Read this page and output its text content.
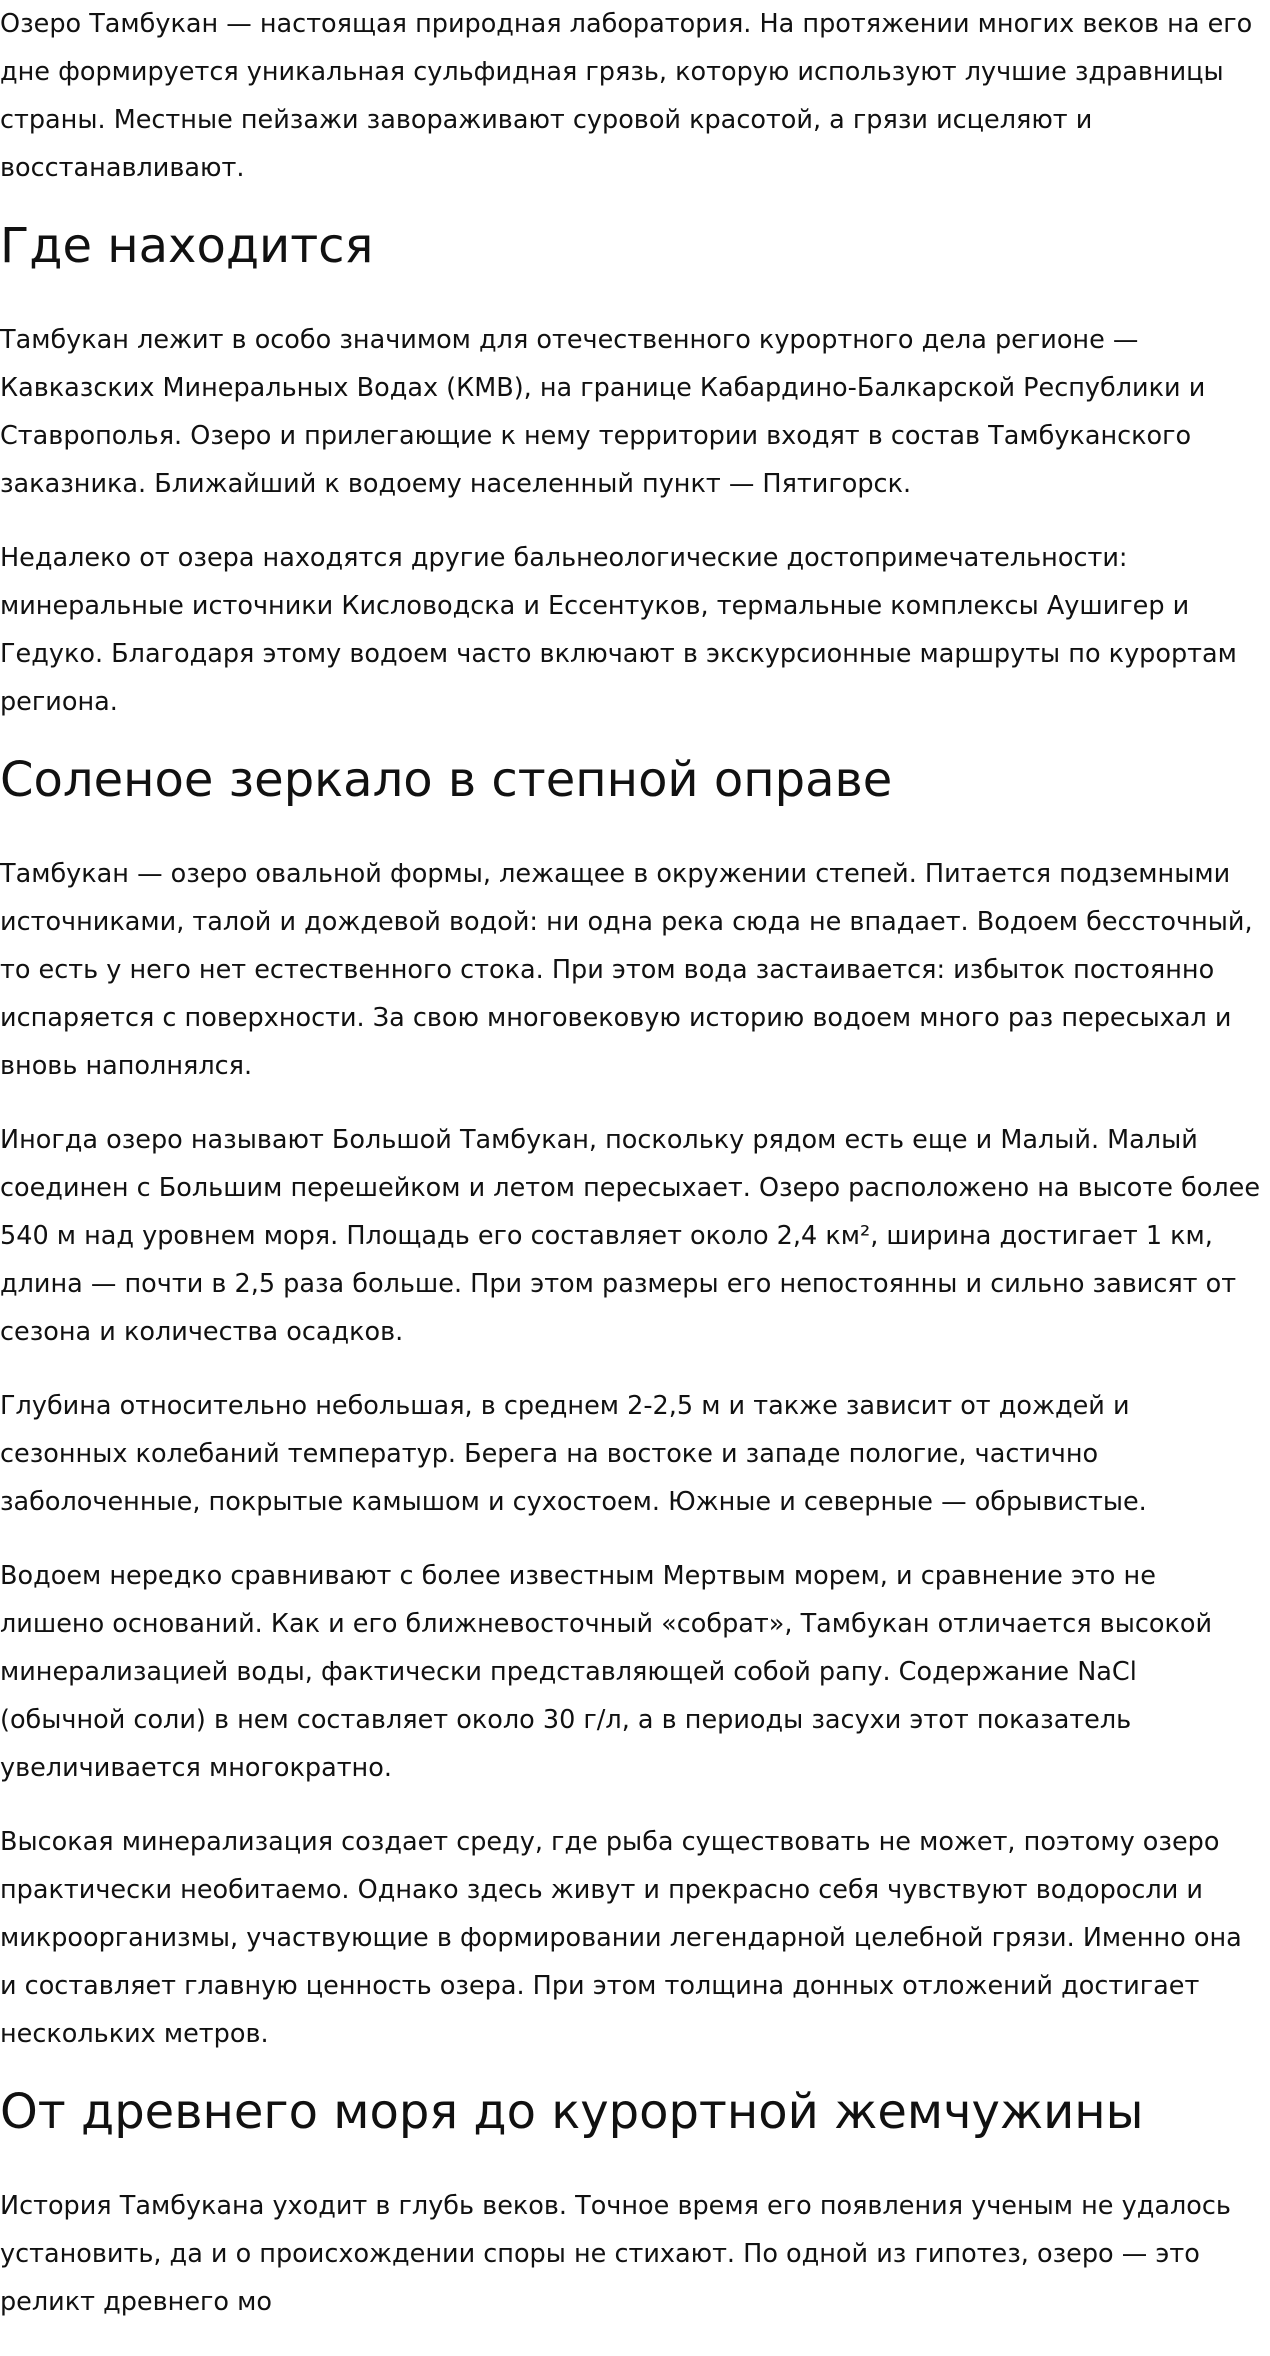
Озеро Тамбукан — настоящая природная лаборатория. На протяжении многих веков на его дне формируется уникальная сульфидная грязь, которую используют лучшие здравницы страны. Местные пейзажи завораживают суровой красотой, а грязи исцеляют и восстанавливают.

Где находится

Тамбукан лежит в особо значимом для отечественного курортного дела регионе — Кавказских Минеральных Водах (КМВ), на границе Кабардино-Балкарской Республики и Ставрополья. Озеро и прилегающие к нему территории входят в состав Тамбуканского заказника. Ближайший к водоему населенный пункт — Пятигорск.

Недалеко от озера находятся другие бальнеологические достопримечательности: минеральные источники Кисловодска и Ессентуков, термальные комплексы Аушигер и Гедуко. Благодаря этому водоем часто включают в экскурсионные маршруты по курортам региона.

Соленое зеркало в степной оправе

Тамбукан — озеро овальной формы, лежащее в окружении степей. Питается подземными источниками, талой и дождевой водой: ни одна река сюда не впадает. Водоем бессточный, то есть у него нет естественного стока. При этом вода застаивается: избыток постоянно испаряется с поверхности. За свою многовековую историю водоем много раз пересыхал и вновь наполнялся.

Иногда озеро называют Большой Тамбукан, поскольку рядом есть еще и Малый. Малый соединен с Большим перешейком и летом пересыхает. Озеро расположено на высоте более 540 м над уровнем моря. Площадь его составляет около 2,4 км², ширина достигает 1 км, длина — почти в 2,5 раза больше. При этом размеры его непостоянны и сильно зависят от сезона и количества осадков.

Глубина относительно небольшая, в среднем 2-2,5 м и также зависит от дождей и сезонных колебаний температур. Берега на востоке и западе пологие, частично заболоченные, покрытые камышом и сухостоем. Южные и северные — обрывистые.

Водоем нередко сравнивают с более известным Мертвым морем, и сравнение это не лишено оснований. Как и его ближневосточный «собрат», Тамбукан отличается высокой минерализацией воды, фактически представляющей собой рапу. Содержание NaCl (обычной соли) в нем составляет около 30 г/л, а в периоды засухи этот показатель увеличивается многократно.

Высокая минерализация создает среду, где рыба существовать не может, поэтому озеро практически необитаемо. Однако здесь живут и прекрасно себя чувствуют водоросли и микроорганизмы, участвующие в формировании легендарной целебной грязи. Именно она и составляет главную ценность озера. При этом толщина донных отложений достигает нескольких метров.

От древнего моря до курортной жемчужины

История Тамбукана уходит в глубь веков. Точное время его появления ученым не удалось установить, да и о происхождении споры не стихают. По одной из гипотез, озеро — это реликт древнего мо
